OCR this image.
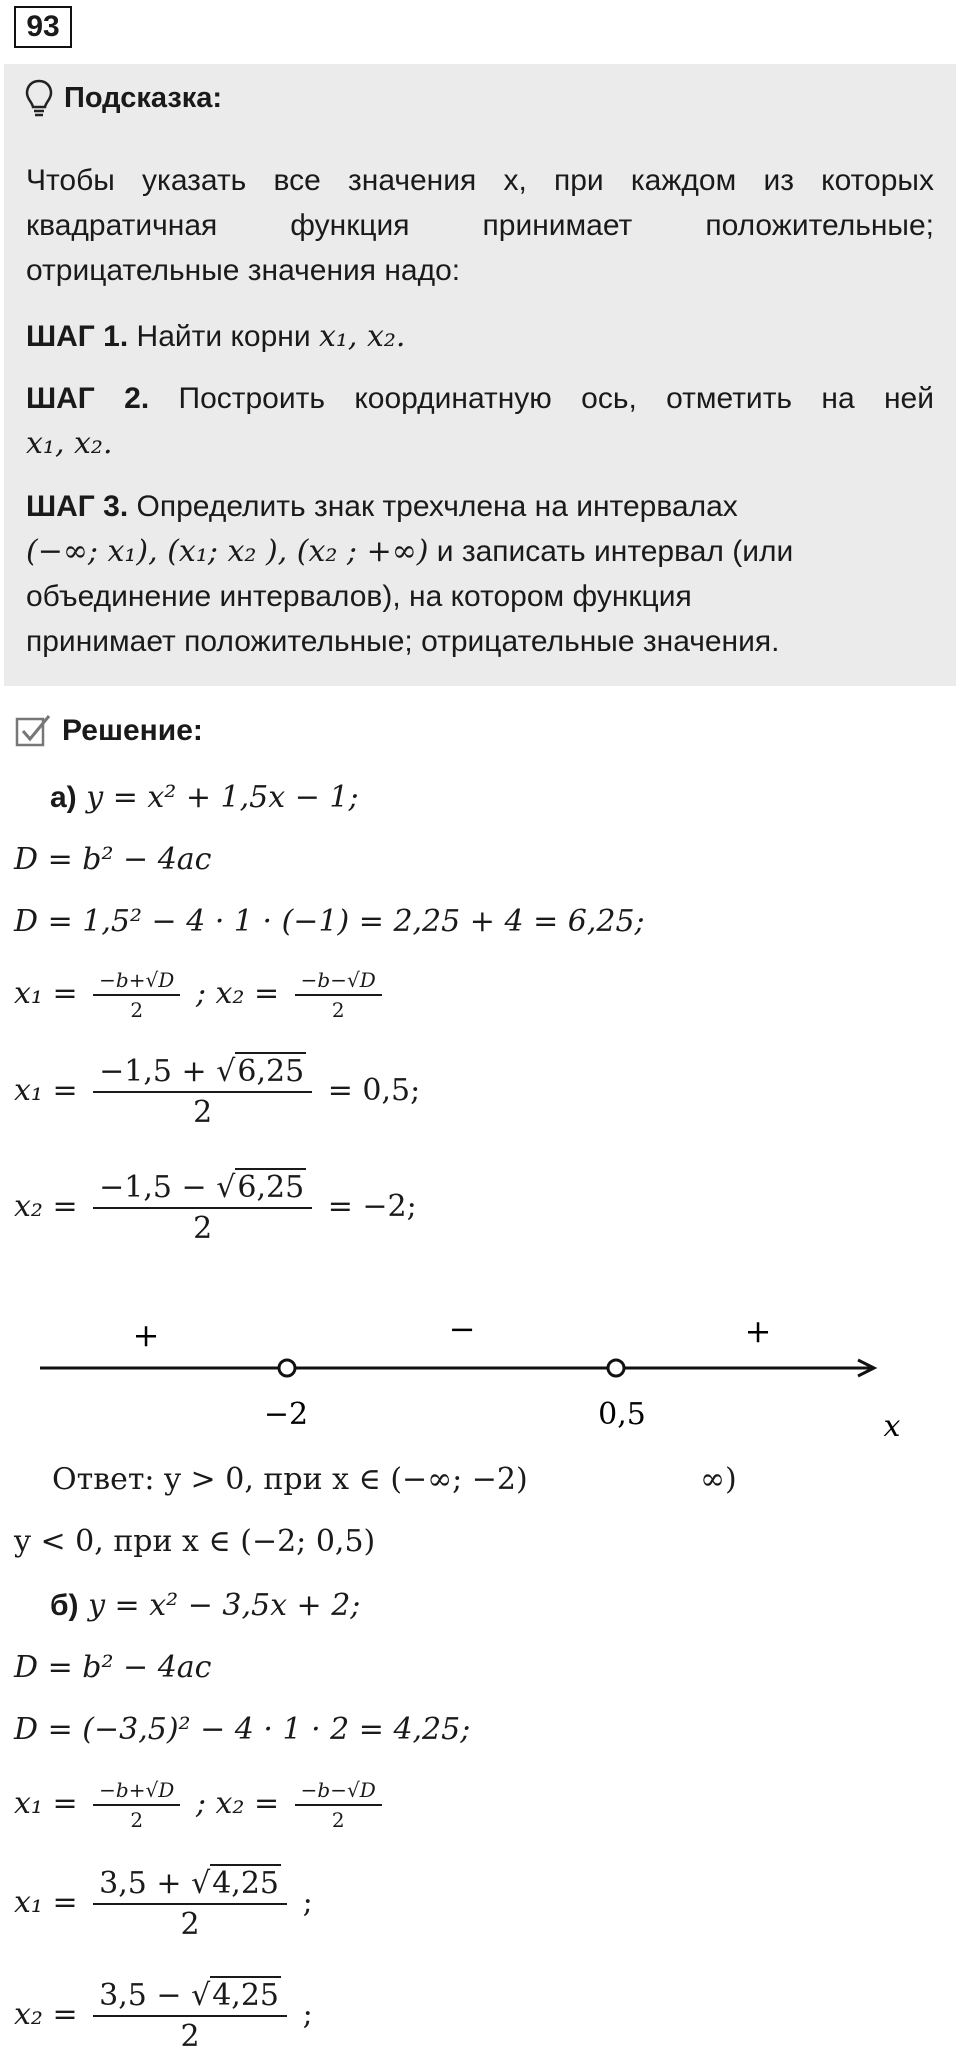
93
Подсказка:
Чтобы указать все значения x, при каждом из которых
квадратичная функция принимает положительные;
отрицательные значения надо:
ШАГ 1. Найти корни x₁, x₂.
ШАГ 2. Построить координатную ось, отметить на ней
x₁, x₂.
ШАГ 3. Определить знак трехчлена на интервалах
(−∞; x₁), (x₁; x₂ ), (x₂ ; +∞) и записать интервал (или
объединение интервалов), на котором функция
принимает положительные; отрицательные значения.
Решение:
а) y = x² + 1,5x − 1;
D = b² − 4ac
D = 1,5² − 4 · 1 · (−1) = 2,25 + 4 = 6,25;
$x_1 = \frac{-b+√D}{2}$ ; $x_2 = \frac{-b-√D}{2}$
$x_1 = \frac{-1,5 + √6,25}{2} = 0,5$;
$x_2 = \frac{-1,5 - √6,25}{2} = -2$;
+	−	+
−2	0,5	x
Ответ: y > 0, при x ∈ (−∞; −2)	∞)
y < 0, при x ∈ (−2; 0,5)
б) y = x² − 3,5x + 2;
D = b² − 4ac
D = (−3,5)² − 4 · 1 · 2 = 4,25;
$x_1 = \frac{-b+√D}{2}$ ; $x_2 = \frac{-b-√D}{2}$
$x_1 = \frac{3,5 + √4,25}{2}$ ;
$x_2 = \frac{3,5 - √4,25}{2}$ ;
